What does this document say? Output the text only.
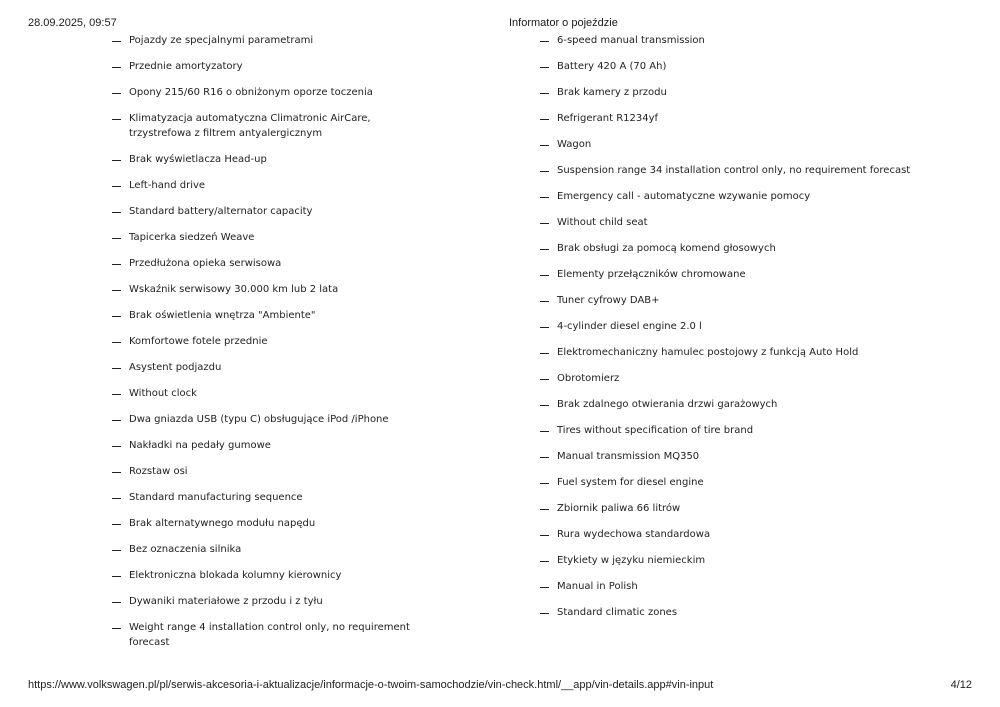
28.09.2025, 09:57	Informator o pojeździe
Pojazdy ze specjalnymi parametrami
Przednie amortyzatory
Opony 215/60 R16 o obniżonym oporze toczenia
Klimatyzacja automatyczna Climatronic AirCare, trzystrefowa z filtrem antyalergicznym
Brak wyświetlacza Head-up
Left-hand drive
Standard battery/alternator capacity
Tapicerka siedzeń Weave
Przedłużona opieka serwisowa
Wskaźnik serwisowy 30.000 km lub 2 lata
Brak oświetlenia wnętrza "Ambiente"
Komfortowe fotele przednie
Asystent podjazdu
Without clock
Dwa gniazda USB (typu C) obsługujące iPod /iPhone
Nakładki na pedały gumowe
Rozstaw osi
Standard manufacturing sequence
Brak alternatywnego modułu napędu
Bez oznaczenia silnika
Elektroniczna blokada kolumny kierownicy
Dywaniki materiałowe z przodu i z tyłu
Weight range 4 installation control only, no requirement forecast
6-speed manual transmission
Battery 420 A (70 Ah)
Brak kamery z przodu
Refrigerant R1234yf
Wagon
Suspension range 34 installation control only, no requirement forecast
Emergency call - automatyczne wzywanie pomocy
Without child seat
Brak obsługi za pomocą komend głosowych
Elementy przełączników chromowane
Tuner cyfrowy DAB+
4-cylinder diesel engine 2.0 l
Elektromechaniczny hamulec postojowy z funkcją Auto Hold
Obrotomierz
Brak zdalnego otwierania drzwi garażowych
Tires without specification of tire brand
Manual transmission MQ350
Fuel system for diesel engine
Zbiornik paliwa 66 litrów
Rura wydechowa standardowa
Etykiety w języku niemieckim
Manual in Polish
Standard climatic zones
https://www.volkswagen.pl/pl/serwis-akcesoria-i-aktualizacje/informacje-o-twoim-samochodzie/vin-check.html/__app/vin-details.app#vin-input	4/12
